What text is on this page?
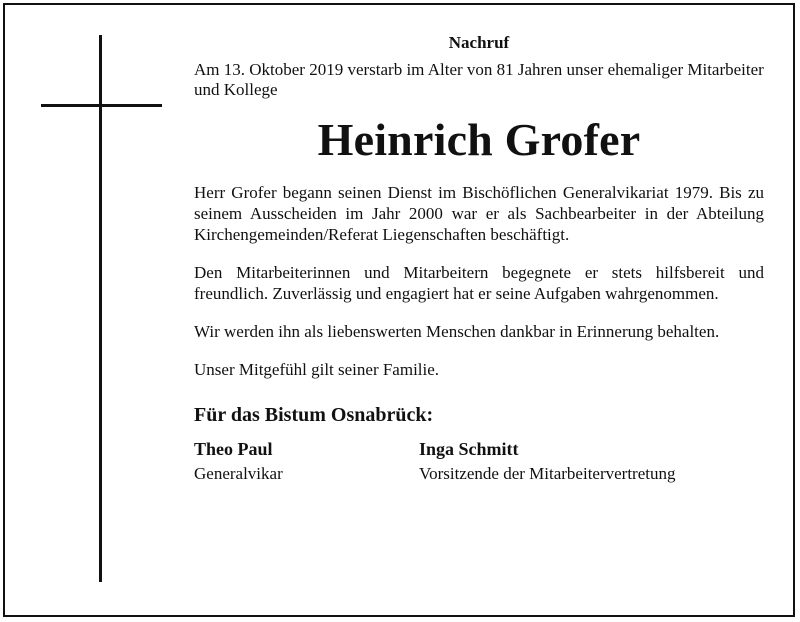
Nachruf

Am 13. Oktober 2019 verstarb im Alter von 81 Jahren unser ehemaliger Mitarbeiter und Kollege

Heinrich Grofer

Herr Grofer begann seinen Dienst im Bischöflichen Generalvikariat 1979. Bis zu seinem Ausscheiden im Jahr 2000 war er als Sachbearbeiter in der Abteilung Kirchengemeinden/Referat Liegenschaften beschäftigt.

Den Mitarbeiterinnen und Mitarbeitern begegnete er stets hilfsbereit und freundlich. Zuverlässig und engagiert hat er seine Aufgaben wahrgenommen.

Wir werden ihn als liebenswerten Menschen dankbar in Erinnerung behalten.

Unser Mitgefühl gilt seiner Familie.

Für das Bistum Osnabrück:
Theo Paul
Generalvikar
Inga Schmitt
Vorsitzende der Mitarbeitervertretung
